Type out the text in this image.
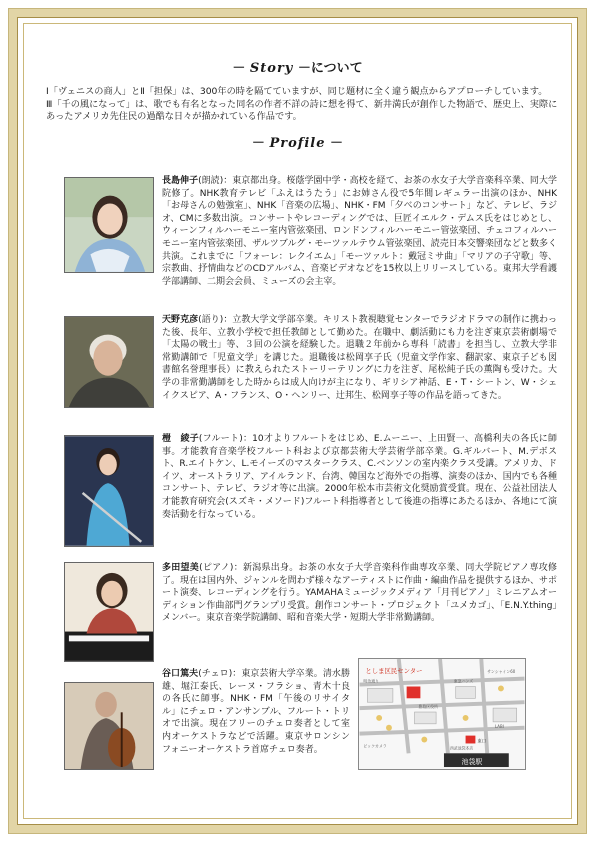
－ Story －について

Ⅰ「ヴェニスの商人」とⅡ「担保」は、300年の時を隔てていますが、同じ題材に全く違う観点からアプローチしています。

Ⅲ「千の風になって」は、歌でも有名となった同名の作者不詳の詩に想を得て、新井満氏が創作した物語で、歴史上、実際にあったアメリカ先住民の過酷な日々が描かれている作品です。

－ Profile －

長島伸子(朗読)：東京都出身。桜蔭学園中学・高校を経て、お茶の水女子大学音楽科卒業、同大学院修了。NHK教育テレビ「ふえはうたう」にお姉さん役で5年間レギュラー出演のほか、NHK「お母さんの勉強室」、NHK「音楽の広場」、NHK・FM「夕べのコンサート」など、テレビ、ラジオ、CMに多数出演。コンサートやレコーディングでは、巨匠イエルク・デムス氏をはじめとし、ウィーンフィルハーモニー室内管弦楽団、ロンドンフィルハーモニー管弦楽団、チェコフィルハーモニー室内管弦楽団、ザルツブルグ・モーツァルテウム管弦楽団、読売日本交響楽団などと数多く共演。これまでに「フォーレ：レクイエム」「モーツァルト：戴冠ミサ曲」「マリアの子守歌」等、宗教曲、抒情曲などのCDアルバム、音楽ビデオなどを15枚以上リリースしている。東邦大学看護学部講師、二期会会員、ミューズの会主宰。

天野克彦(語り)：立教大学文学部卒業。キリスト教視聴覚センターでラジオドラマの制作に携わった後、長年、立教小学校で担任教師として勤めた。在職中、劇活動にも力を注ぎ東京芸術劇場で「太陽の戦士」等、３回の公演を経験した。退職２年前から専科「読書」を担当し、立教大学非常勤講師で「児童文学」を講じた。退職後は松岡享子氏（児童文学作家、翻訳家、東京子ども図書館名誉理事長）に教えられたストーリーテリングに力を注ぎ、尾松純子氏の薫陶も受けた。大学の非常勤講師をした時からは成人向けが主になり、ギリシア神話、E・T・シートン、W・シェイクスピア、A・フランス、O・ヘンリー、辻邦生、松岡享子等の作品を語ってきた。

榿　綾子(フルート)：10才よりフルートをはじめ、E.ムーニー、上田賢一、高橋利夫の各氏に師事。才能教育音楽学校フルート科および京都芸術大学芸術学部卒業。G.ギルバート、M.デボスト、R.エイトケン、L.モイーズのマスタークラス、C.ベンソンの室内楽クラス受講。アメリカ、ドイツ、オーストラリア、アイルランド、台湾、韓国など海外での指導、演奏のほか、国内でも各種コンサート、テレビ、ラジオ等に出演。2000年松本市芸術文化奨励賞受賞。現在、公益社団法人才能教育研究会(スズキ・メソード)フルート科指導者として後進の指導にあたるほか、各地にて演奏活動を行なっている。

多田望美(ピアノ)：新潟県出身。お茶の水女子大学音楽科作曲専攻卒業、同大学院ピアノ専攻修了。現在は国内外、ジャンルを問わず様々なアーティストに作曲・編曲作品を提供するほか、サポート演奏、レコーディングを行う。YAMAHAミュージックメディア「月刊ピアノ」ミレニアムオーディション作曲部門グランプリ受賞。創作コンサート・プロジェクト「ユメカゴ」、「E.N.Y.thing」メンバー。東京音楽学院講師、昭和音楽大学・短期大学非常勤講師。

谷口篤夫(チェロ)：東京芸術大学卒業。清水勝雄、堀江泰氏、レーヌ・フラショ、青木十良の各氏に師事。NHK・FM「午後のリサイタル」にチェロ・アンサンブル、フルート・トリオで出演。現在フリーのチェロ奏者として室内オーケストラなどで活躍。東京サロンシンフォニーオーケストラ首席チェロ奏者。

としま区民センター
池袋駅
東口
ビックカメラ	西武池袋本店
豊島区役所
サンシャイン60
東急ハンズ
LABI
明治通り
